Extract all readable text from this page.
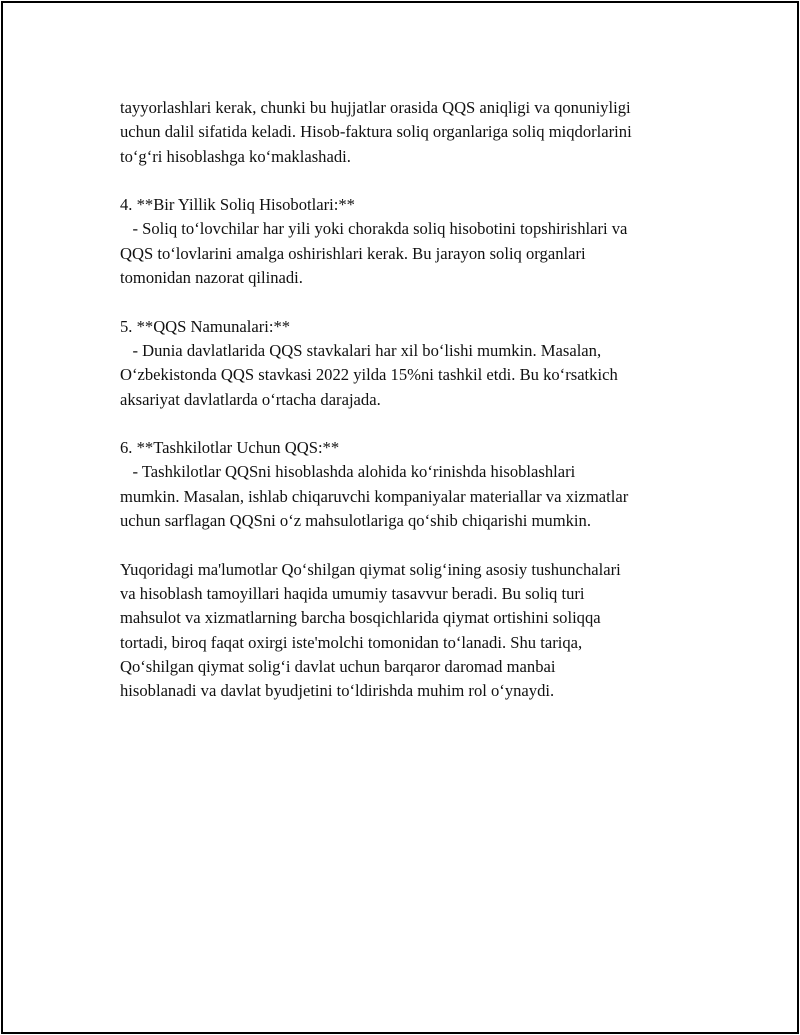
tayyorlashlari kerak, chunki bu hujjatlar orasida QQS aniqligi va qonuniyligi
uchun dalil sifatida keladi. Hisob-faktura soliq organlariga soliq miqdorlarini
to‘g‘ri hisoblashga ko‘maklashadi.

4. **Bir Yillik Soliq Hisobotlari:**
- Soliq to‘lovchilar har yili yoki chorakda soliq hisobotini topshirishlari va
QQS to‘lovlarini amalga oshirishlari kerak. Bu jarayon soliq organlari
tomonidan nazorat qilinadi.

5. **QQS Namunalari:**
- Dunia davlatlarida QQS stavkalari har xil bo‘lishi mumkin. Masalan,
O‘zbekistonda QQS stavkasi 2022 yilda 15%ni tashkil etdi. Bu ko‘rsatkich
aksariyat davlatlarda o‘rtacha darajada.

6. **Tashkilotlar Uchun QQS:**
- Tashkilotlar QQSni hisoblashda alohida ko‘rinishda hisoblashlari
mumkin. Masalan, ishlab chiqaruvchi kompaniyalar materiallar va xizmatlar
uchun sarflagan QQSni o‘z mahsulotlariga qo‘shib chiqarishi mumkin.

Yuqoridagi ma'lumotlar Qo‘shilgan qiymat solig‘ining asosiy tushunchalari
va hisoblash tamoyillari haqida umumiy tasavvur beradi. Bu soliq turi
mahsulot va xizmatlarning barcha bosqichlarida qiymat ortishini soliqqa
tortadi, biroq faqat oxirgi iste'molchi tomonidan to‘lanadi. Shu tariqa,
Qo‘shilgan qiymat solig‘i davlat uchun barqaror daromad manbai
hisoblanadi va davlat byudjetini to‘ldirishda muhim rol o‘ynaydi.
